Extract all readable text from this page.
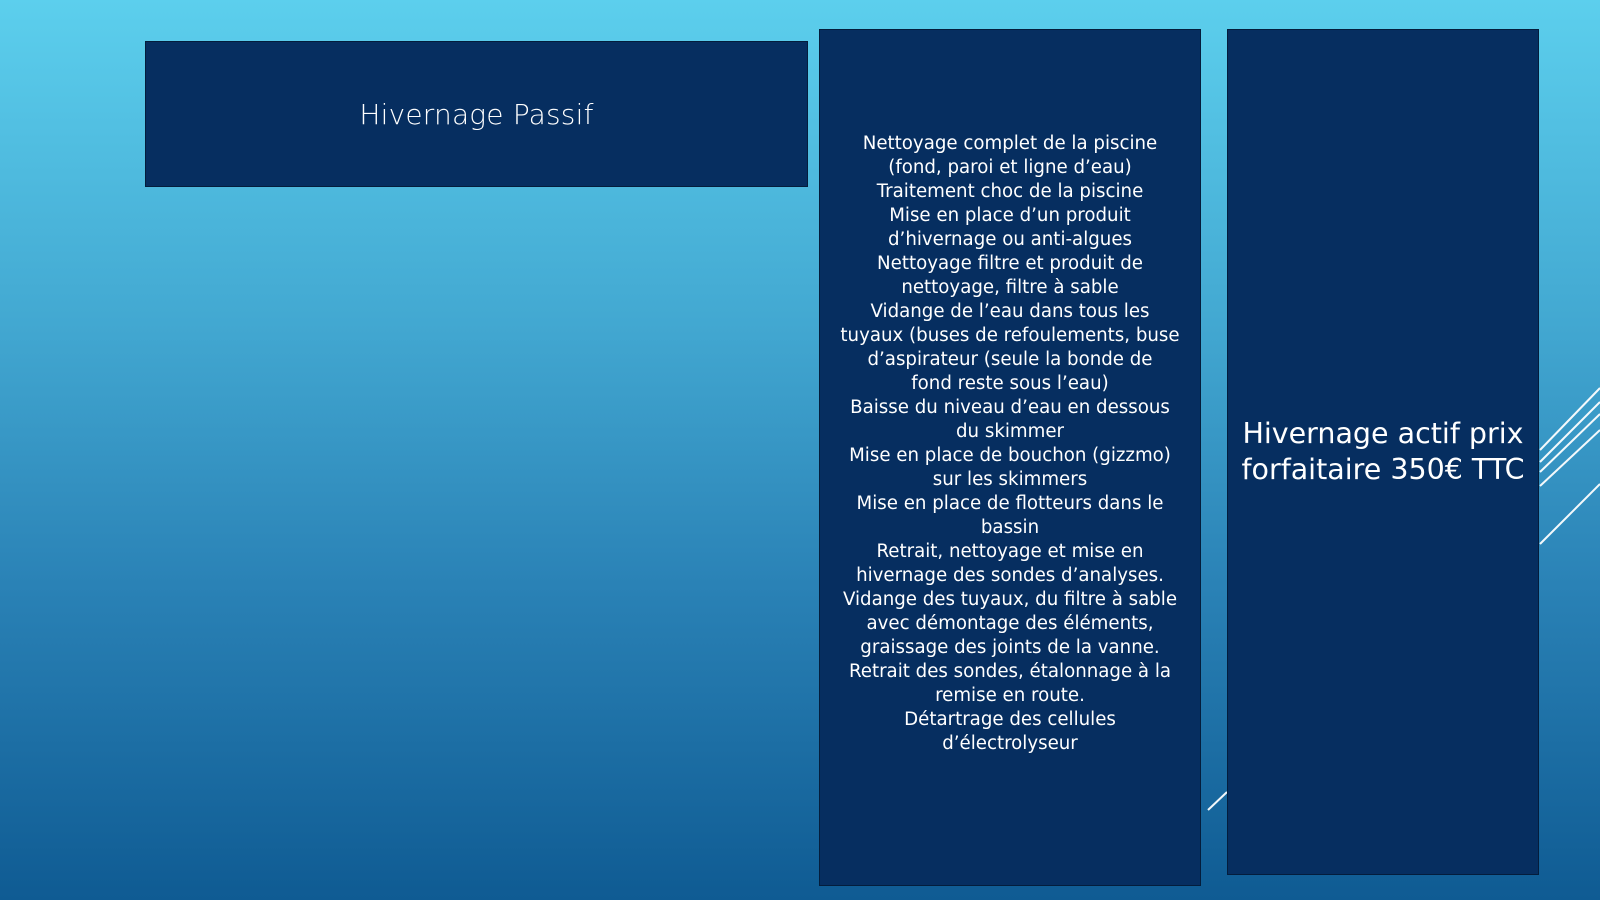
Hivernage Passif
Nettoyage complet de la piscine
(fond, paroi et ligne d’eau)
Traitement choc de la piscine
Mise en place d’un produit
d’hivernage ou anti-algues
Nettoyage filtre et produit de
nettoyage, filtre à sable
Vidange de l’eau dans tous les
tuyaux (buses de refoulements, buse
d’aspirateur (seule la bonde de
fond reste sous l’eau)
Baisse du niveau d’eau en dessous
du skimmer
Mise en place de bouchon (gizzmo)
sur les skimmers
Mise en place de flotteurs dans le
bassin
Retrait, nettoyage et mise en
hivernage des sondes d’analyses.
Vidange des tuyaux, du filtre à sable
avec démontage des éléments,
graissage des joints de la vanne.
Retrait des sondes, étalonnage à la
remise en route.
Détartrage des cellules
d’électrolyseur
Hivernage actif prix
forfaitaire 350€ TTC
